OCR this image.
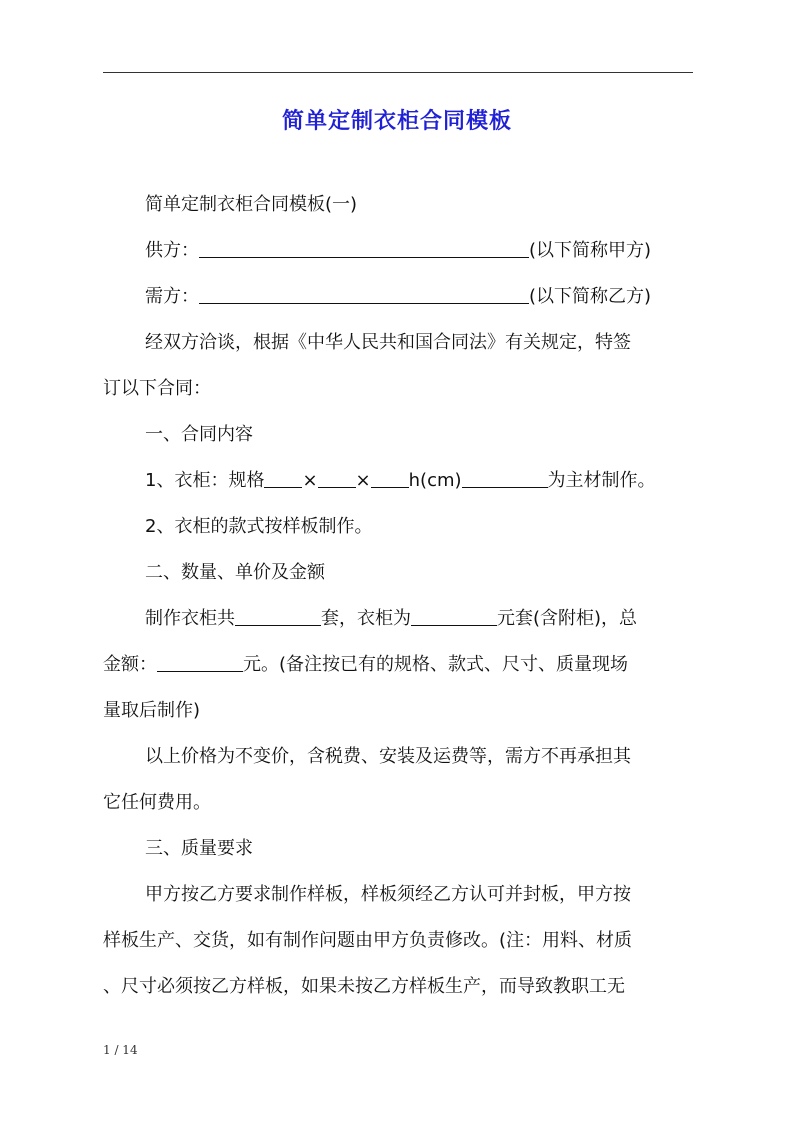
简单定制衣柜合同模板

简单定制衣柜合同模板(一)

供方：	(以下简称甲方)

需方：	(以下简称乙方)

经双方洽谈，根据《中华人民共和国合同法》有关规定，特签

订以下合同：

一、合同内容

1、衣柜：规格 × × h(cm)	为主材制作。

2、衣柜的款式按样板制作。

二、数量、单价及金额

制作衣柜共	套，衣柜为	元套(含附柜)，总

金额：	元。(备注按已有的规格、款式、尺寸、质量现场

量取后制作)

以上价格为不变价，含税费、安装及运费等，需方不再承担其

它任何费用。

三、质量要求

甲方按乙方要求制作样板，样板须经乙方认可并封板，甲方按

样板生产、交货，如有制作问题由甲方负责修改。(注：用料、材质

、尺寸必须按乙方样板，如果未按乙方样板生产，而导致教职工无

1 / 14
